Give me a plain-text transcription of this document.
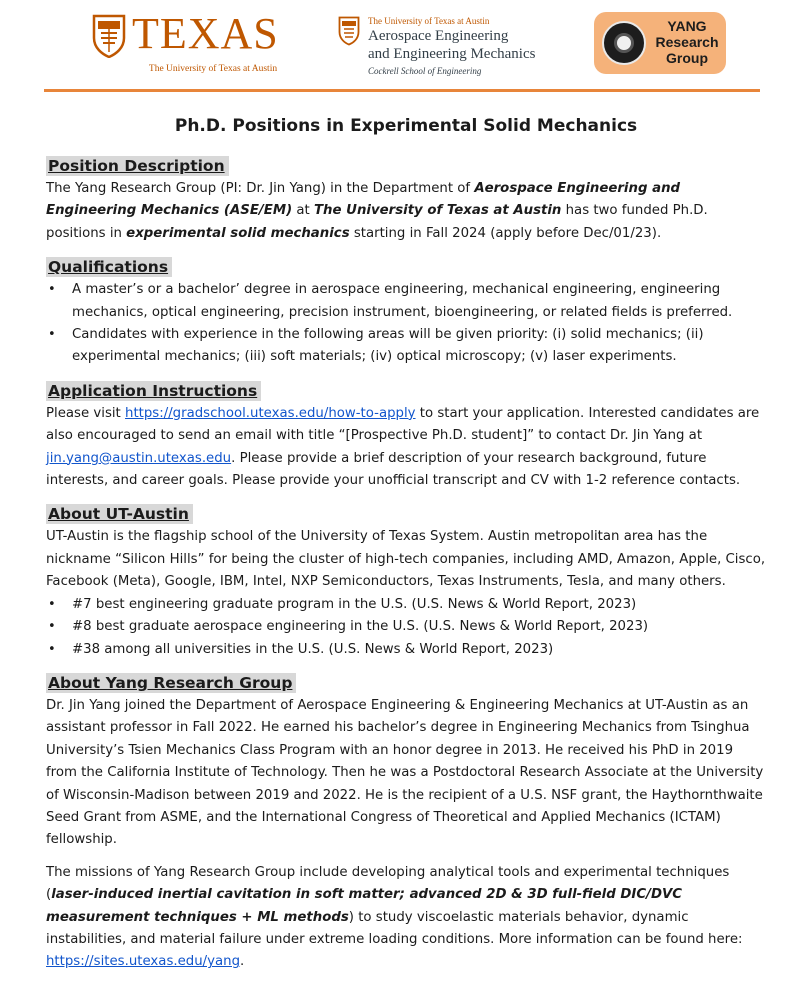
TEXAS
The University of Texas at Austin
The University of Texas at Austin
Aerospace Engineering
and Engineering Mechanics
Cockrell School of Engineering
YANG
Research
Group
Ph.D. Positions in Experimental Solid Mechanics
Position Description

The Yang Research Group (PI: Dr. Jin Yang) in the Department of Aerospace Engineering and Engineering Mechanics (ASE/EM) at The University of Texas at Austin has two funded Ph.D. positions in experimental solid mechanics starting in Fall 2024 (apply before Dec/01/23).

Qualifications
• A master’s or a bachelor’ degree in aerospace engineering, mechanical engineering, engineering mechanics, optical engineering, precision instrument, bioengineering, or related fields is preferred.
• Candidates with experience in the following areas will be given priority: (i) solid mechanics; (ii) experimental mechanics; (iii) soft materials; (iv) optical microscopy; (v) laser experiments.
Application Instructions

Please visit https://gradschool.utexas.edu/how-to-apply to start your application. Interested candidates are also encouraged to send an email with title “[Prospective Ph.D. student]” to contact Dr. Jin Yang at jin.yang@austin.utexas.edu. Please provide a brief description of your research background, future interests, and career goals. Please provide your unofficial transcript and CV with 1-2 reference contacts.

About UT-Austin

UT-Austin is the flagship school of the University of Texas System. Austin metropolitan area has the nickname “Silicon Hills” for being the cluster of high-tech companies, including AMD, Amazon, Apple, Cisco, Facebook (Meta), Google, IBM, Intel, NXP Semiconductors, Texas Instruments, Tesla, and many others.

• #7 best engineering graduate program in the U.S. (U.S. News & World Report, 2023)
• #8 best graduate aerospace engineering in the U.S. (U.S. News & World Report, 2023)
• #38 among all universities in the U.S. (U.S. News & World Report, 2023)
About Yang Research Group

Dr. Jin Yang joined the Department of Aerospace Engineering & Engineering Mechanics at UT-Austin as an assistant professor in Fall 2022. He earned his bachelor’s degree in Engineering Mechanics from Tsinghua University’s Tsien Mechanics Class Program with an honor degree in 2013. He received his PhD in 2019 from the California Institute of Technology. Then he was a Postdoctoral Research Associate at the University of Wisconsin-Madison between 2019 and 2022. He is the recipient of a U.S. NSF grant, the Haythornthwaite Seed Grant from ASME, and the International Congress of Theoretical and Applied Mechanics (ICTAM) fellowship.

The missions of Yang Research Group include developing analytical tools and experimental techniques (laser-induced inertial cavitation in soft matter; advanced 2D & 3D full-field DIC/DVC measurement techniques + ML methods) to study viscoelastic materials behavior, dynamic instabilities, and material failure under extreme loading conditions. More information can be found here: https://sites.utexas.edu/yang.
